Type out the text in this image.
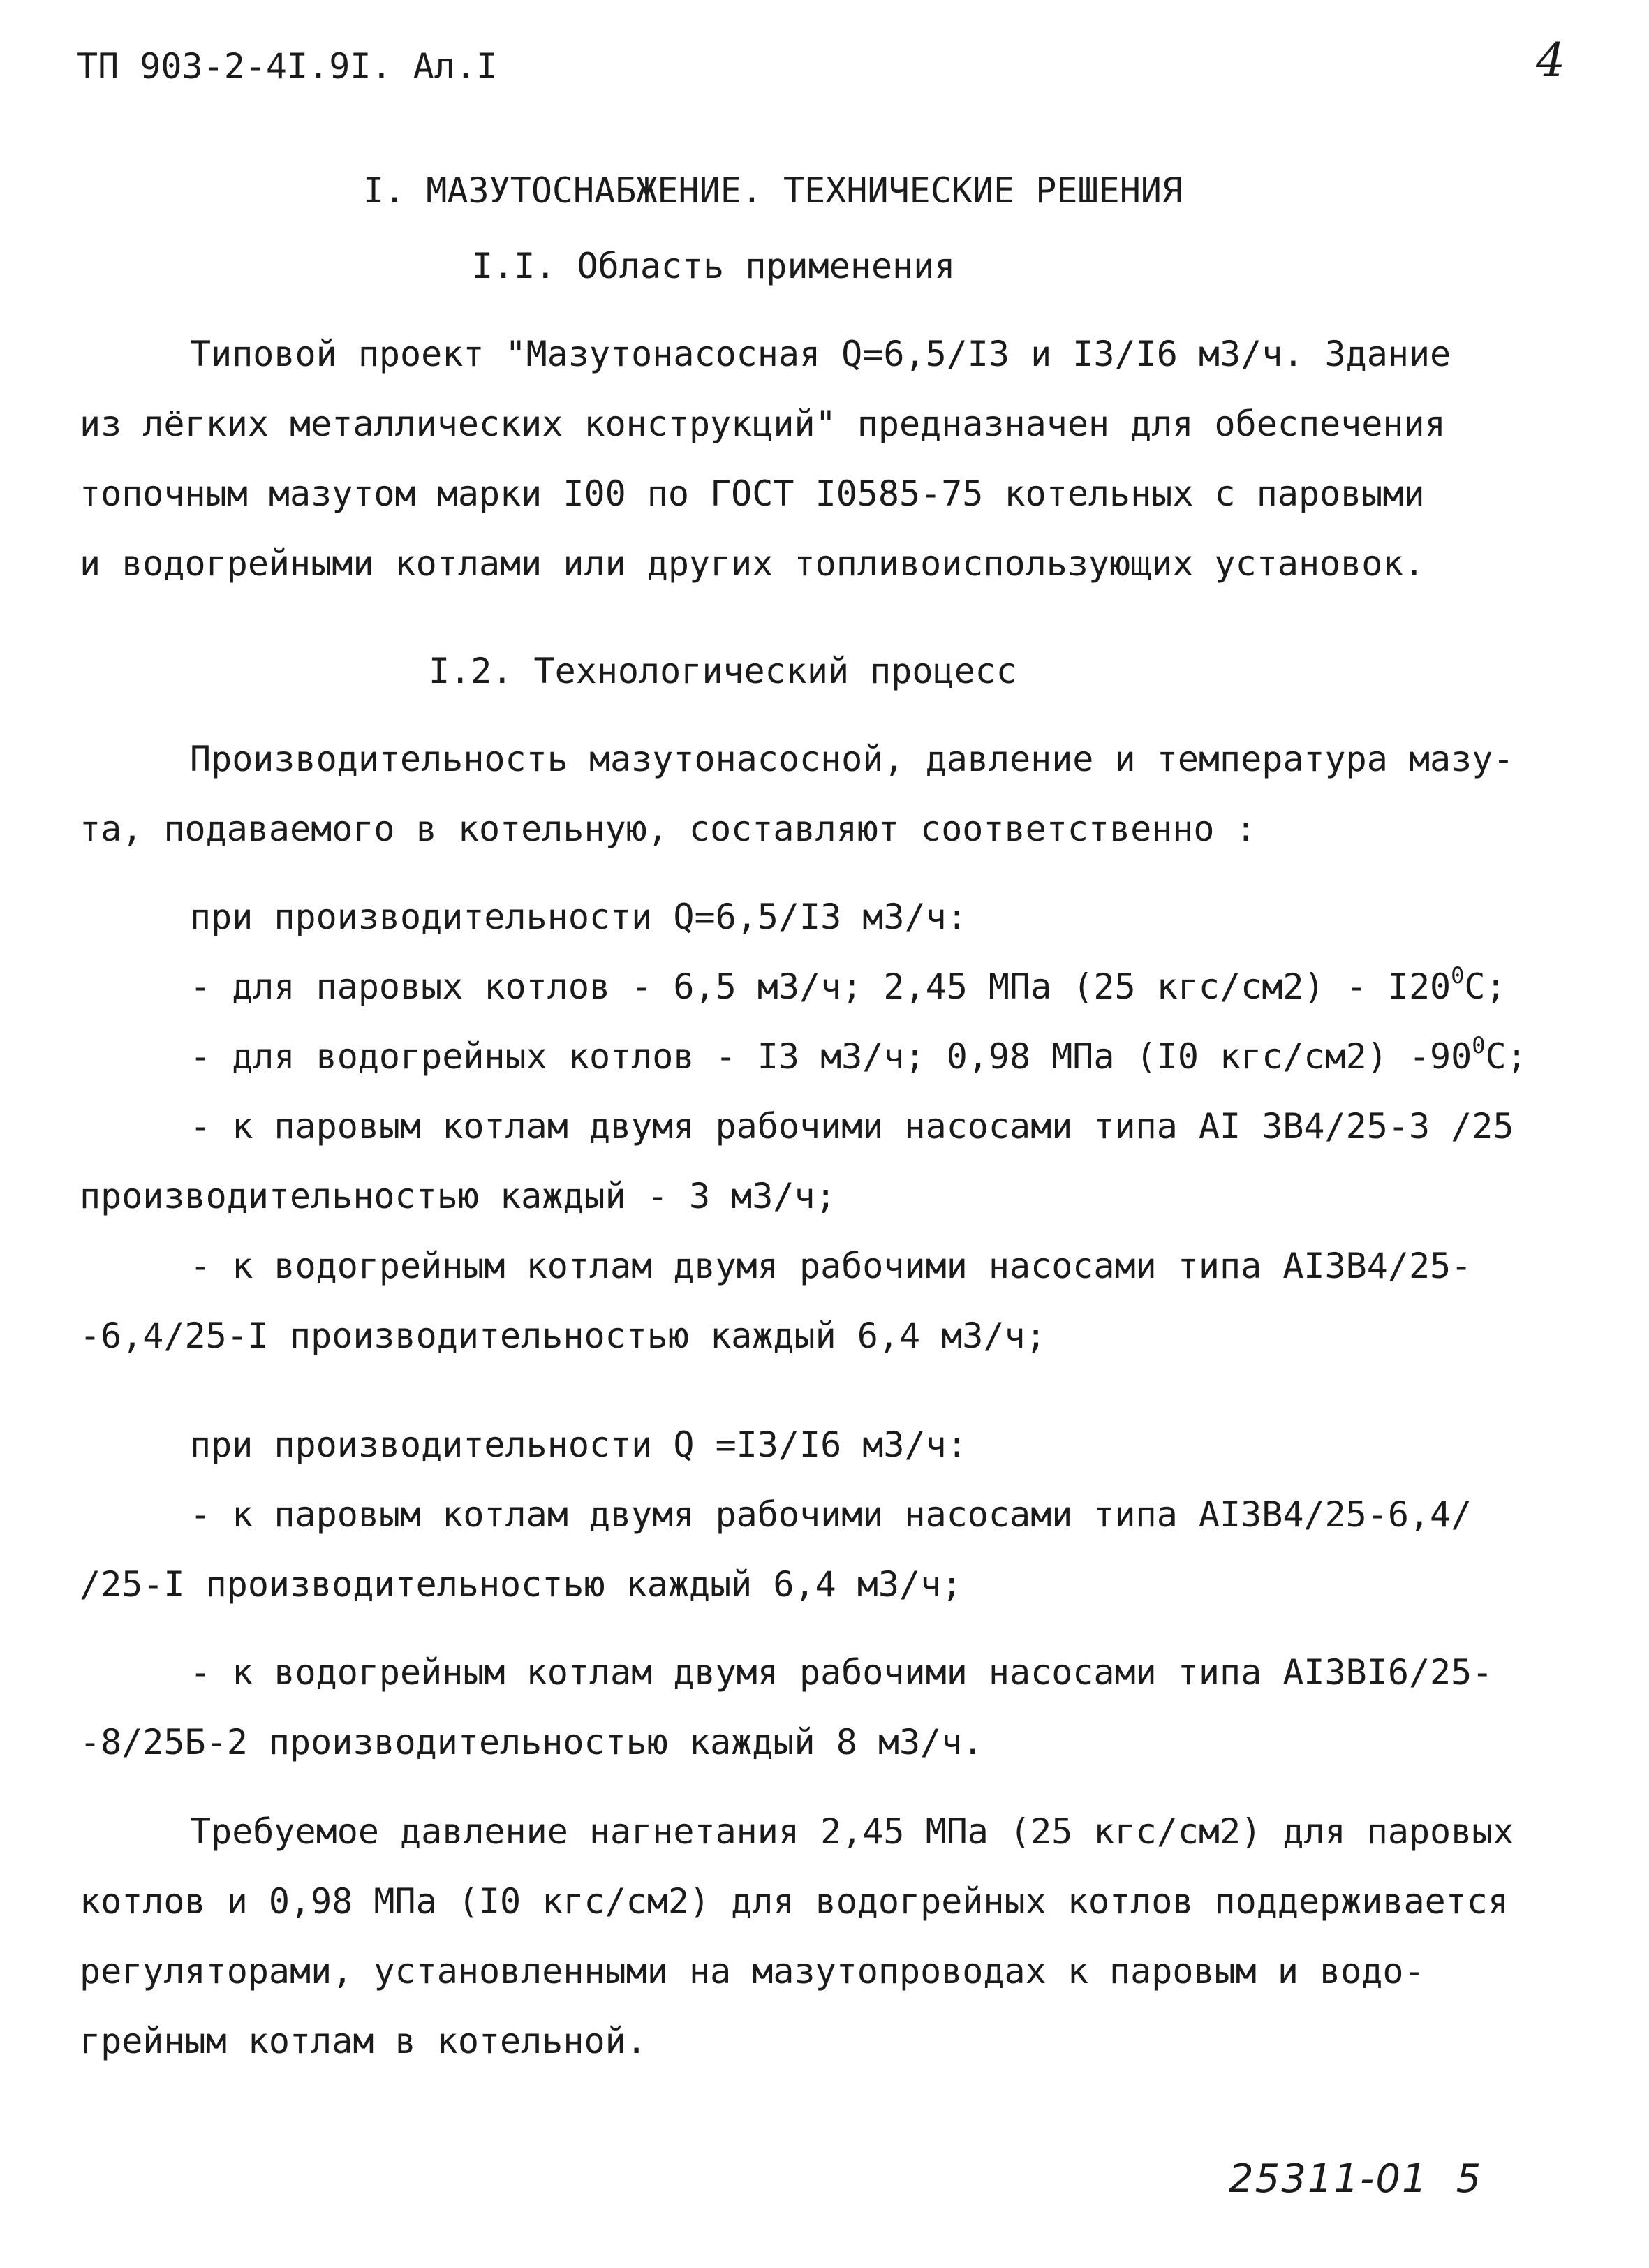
ТП 903-2-4I.9I. Ал.I	4
I. МАЗУТОСНАБЖЕНИЕ. ТЕХНИЧЕСКИЕ РЕШЕНИЯ
I.I. Область применения
Типовой проект "Мазутонасосная Q=6,5/I3 и I3/I6 м3/ч. Здание
из лёгких металлических конструкций" предназначен для обеспечения
топочным мазутом марки I00 по ГОСТ I0585-75 котельных с паровыми
и водогрейными котлами или других топливоиспользующих установок.
I.2. Технологический процесс
Производительность мазутонасосной, давление и температура мазу-
та, подаваемого в котельную, составляют соответственно :
при производительности Q=6,5/I3 м3/ч:
- для паровых котлов - 6,5 м3/ч; 2,45 МПа (25 $кгс/см2) - I20^0C$;
- для водогрейных котлов - I3 м3/ч; 0,98 МПа (I0 кгс/см2) $-90^0C$;
- к паровым котлам двумя рабочими насосами типа АI 3В4/25-3 /25
производительностью каждый - 3 м3/ч;
- к водогрейным котлам двумя рабочими насосами типа АI3В4/25-
-6,4/25-I производительностью каждый 6,4 м3/ч;
при производительности Q =I3/I6 м3/ч:
- к паровым котлам двумя рабочими насосами типа АI3В4/25-6,4/
/25-I производительностью каждый 6,4 м3/ч;
- к водогрейным котлам двумя рабочими насосами типа АI3ВI6/25-
-8/25Б-2 производительностью каждый 8 м3/ч.
Требуемое давление нагнетания 2,45 МПа (25 кгс/см2) для паровых
котлов и 0,98 МПа (I0 кгс/см2) для водогрейных котлов поддерживается
регуляторами, установленными на мазутопроводах к паровым и водо-
грейным котлам в котельной.
25311-01 5
